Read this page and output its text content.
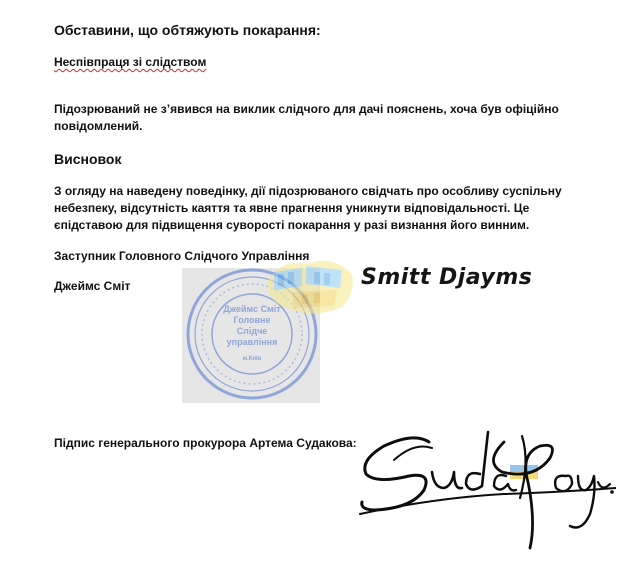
Обставини, що обтяжують покарання:
Неспівпраця зі слідством
Підозрюваний не з’явився на виклик слідчого для дачі пояснень, хоча був офіційно повідомлений.
Висновок
З огляду на наведену поведінку, дії підозрюваного свідчать про особливу суспільну небезпеку, відсутність каяття та явне прагнення уникнути відповідальності. Це єпідставою для підвищення суворості покарання у разі визнання його винним.
Заступник Головного Слідчого Управління
Джеймс Сміт
Джеймс Сміт
Головне
Слідче
управління
м.Київ
Smitt Djayms
Підпис генерального прокурора Артема Судакова:
